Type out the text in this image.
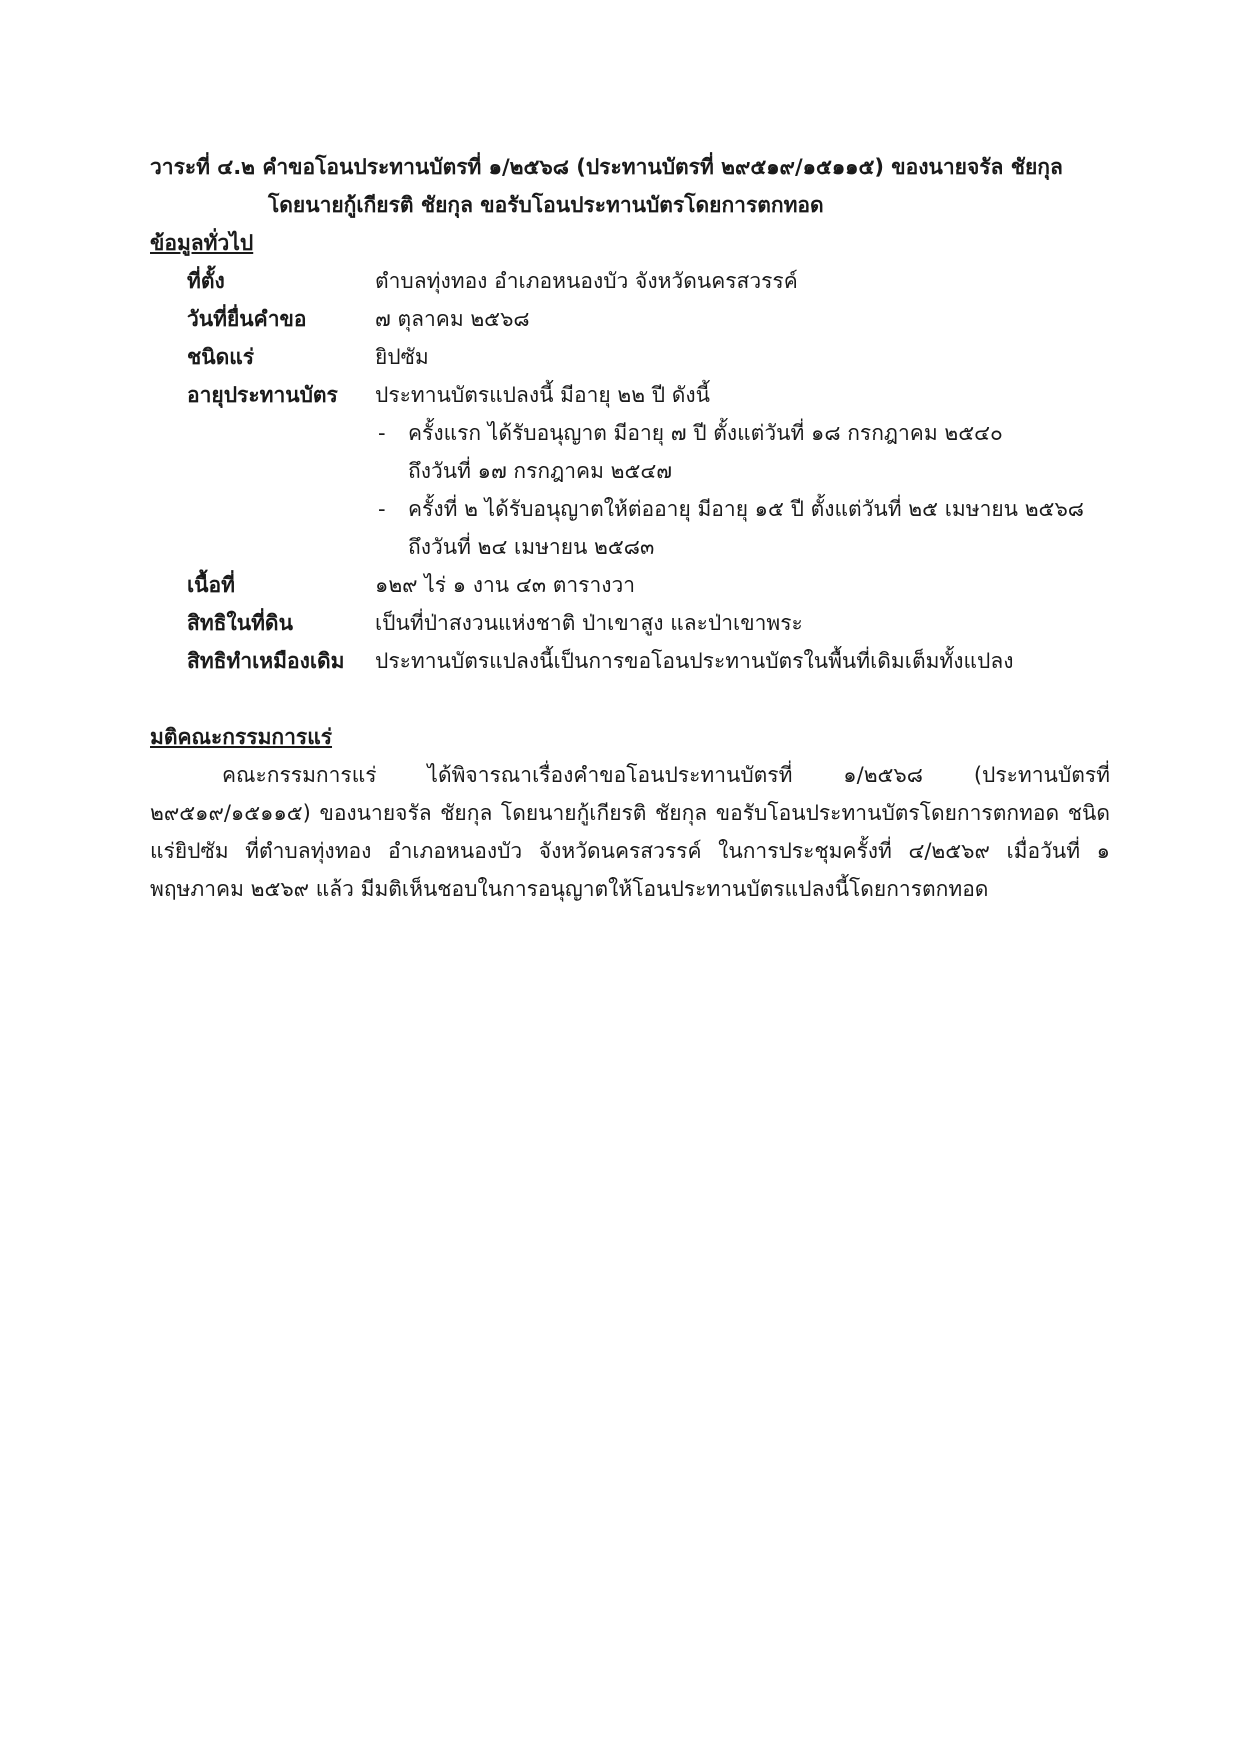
วาระที่ ๔.๒ คำขอโอนประทานบัตรที่ ๑/๒๕๖๘ (ประทานบัตรที่ ๒๙๕๑๙/๑๕๑๑๕) ของนายจรัล ชัยกุล
โดยนายกู้เกียรติ ชัยกุล ขอรับโอนประทานบัตรโดยการตกทอด
ข้อมูลทั่วไป
ที่ตั้ง	ตำบลทุ่งทอง อำเภอหนองบัว จังหวัดนครสวรรค์
วันที่ยื่นคำขอ	๗ ตุลาคม ๒๕๖๘
ชนิดแร่	ยิปซัม
อายุประทานบัตร	ประทานบัตรแปลงนี้ มีอายุ ๒๒ ปี ดังนี้
-	ครั้งแรก ได้รับอนุญาต มีอายุ ๗ ปี ตั้งแต่วันที่ ๑๘ กรกฎาคม ๒๕๔๐
ถึงวันที่ ๑๗ กรกฎาคม ๒๕๔๗
-	ครั้งที่ ๒ ได้รับอนุญาตให้ต่ออายุ มีอายุ ๑๕ ปี ตั้งแต่วันที่ ๒๕ เมษายน ๒๕๖๘
ถึงวันที่ ๒๔ เมษายน ๒๕๘๓
เนื้อที่	๑๒๙ ไร่ ๑ งาน ๔๓ ตารางวา
สิทธิในที่ดิน	เป็นที่ป่าสงวนแห่งชาติ ป่าเขาสูง และป่าเขาพระ
สิทธิทำเหมืองเดิม	ประทานบัตรแปลงนี้เป็นการขอโอนประทานบัตรในพื้นที่เดิมเต็มทั้งแปลง
มติคณะกรรมการแร่
คณะกรรมการแร่ ได้พิจารณาเรื่องคำขอโอนประทานบัตรที่ ๑/๒๕๖๘ (ประทานบัตรที่ ๒๙๕๑๙/๑๕๑๑๕) ของนายจรัล ชัยกุล โดยนายกู้เกียรติ ชัยกุล ขอรับโอนประทานบัตรโดยการตกทอด ชนิดแร่ยิปซัม ที่ตำบลทุ่งทอง อำเภอหนองบัว จังหวัดนครสวรรค์ ในการประชุมครั้งที่ ๔/๒๕๖๙ เมื่อวันที่ ๑ พฤษภาคม ๒๕๖๙ แล้ว มีมติเห็นชอบในการอนุญาตให้โอนประทานบัตรแปลงนี้โดยการตกทอด
